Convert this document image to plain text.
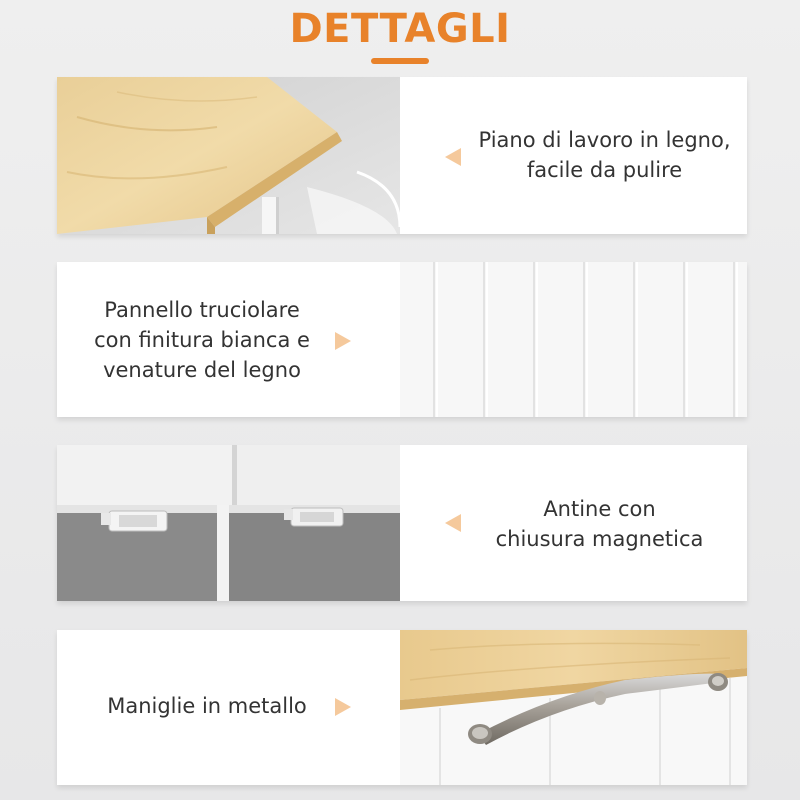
DETTAGLI
Piano di lavoro in legno,
facile da pulire
Pannello truciolare
con finitura bianca e
venature del legno
Antine con
chiusura magnetica
Maniglie in metallo
